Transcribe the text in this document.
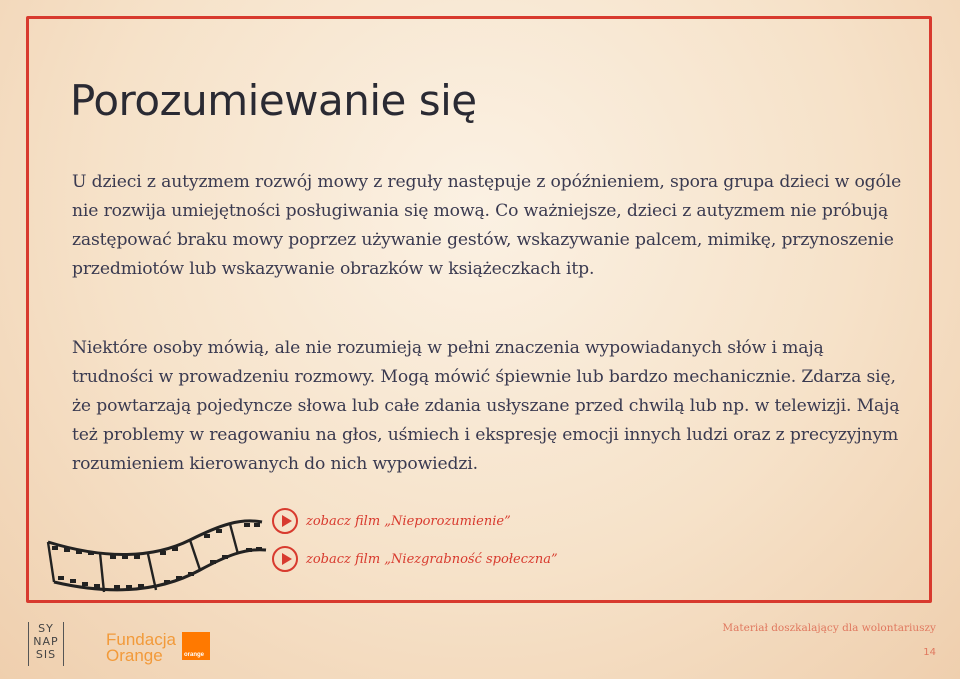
Porozumiewanie się

U dzieci z autyzmem rozwój mowy z reguły następuje z opóźnieniem, spora grupa dzieci w ogóle nie rozwija umiejętności posługiwania się mową. Co ważniejsze, dzieci z autyzmem nie próbują zastępować braku mowy poprzez używanie gestów, wskazywanie palcem, mimikę, przynoszenie przedmiotów lub wskazywanie obrazków w książeczkach itp.

Niektóre osoby mówią, ale nie rozumieją w pełni znaczenia wypowiadanych słów i mają trudności w prowadzeniu rozmowy. Mogą mówić śpiewnie lub bardzo mechanicznie. Zdarza się, że powtarzają pojedyncze słowa lub całe zdania usłyszane przed chwilą lub np. w telewizji. Mają też problemy w reagowaniu na głos, uśmiech i ekspresję emocji innych ludzi oraz z precyzyjnym rozumieniem kierowanych do nich wypowiedzi.

zobacz film „Nieporozumienie”
zobacz film „Niezgrabność społeczna”
SY
NAP
SIS
Fundacja
Orange	orange
Materiał doszkalający dla wolontariuszy
14
